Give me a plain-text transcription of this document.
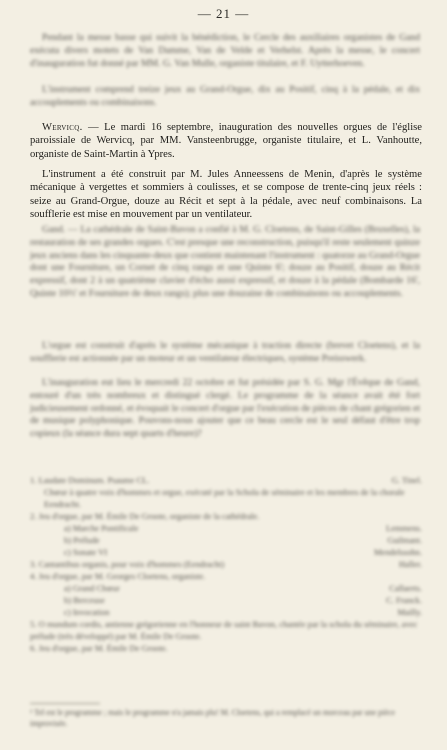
— 21 —
Pendant la messe basse qui suivit la bénédiction, le Cercle des auxiliaires organistes de Gand exécuta divers motets de Van Damme, Van de Velde et Verhelst. Après la messe, le concert d'inauguration fut donné par MM. G. Van Mulle, organiste titulaire, et F. Uytterhoeven.
L'instrument comprend treize jeux au Grand-Orgue, dix au Positif, cinq à la pédale, et dix accouplements ou combinaisons.
Wervicq. — Le mardi 16 septembre, inauguration des nouvelles orgues de l'église paroissiale de Wervicq, par MM. Vansteenbrugge, organiste titulaire, et L. Vanhoutte, organiste de Saint-Martin à Ypres.
L'instrument a été construit par M. Jules Anneessens de Menin, d'après le système mécanique à vergettes et sommiers à coulisses, et se compose de trente-cinq jeux réels : seize au Grand-Orgue, douze au Récit et sept à la pédale, avec neuf combinaisons. La soufflerie est mise en mouvement par un ventilateur.
Gand. — La cathédrale de Saint-Bavon a confié à M. G. Cloetens, de Saint-Gilles (Bruxelles), la restauration de ses grandes orgues. C'est presque une reconstruction, puisqu'il reste seulement quinze jeux anciens dans les cinquante-deux que contient maintenant l'instrument : quatorze au Grand-Orgue dont une Fourniture, un Cornet de cinq rangs et une Quinte 6'; douze au Positif, douze au Récit expressif, dont 2 à un quatrième clavier d'écho aussi expressif, et douze à la pédale (Bombarde 16', Quinte 10⅔' et Fourniture de deux rangs); plus une douzaine de combinaisons ou accouplements.
L'orgue est construit d'après le système mécanique à traction directe (brevet Cloetens), et la soufflerie est actionnée par un moteur et un ventilateur électriques, système Preisswerk.
L'inauguration eut lieu le mercredi 22 octobre et fut présidée par S. G. Mgr l'Évêque de Gand, entouré d'un très nombreux et distingué clergé. Le programme de la séance avait été fort judicieusement ordonné, et évoquait le concert d'orgue par l'exécution de pièces de chant grégorien et de musique polyphonique. Pouvons-nous ajouter que ce beau cercle est le seul défaut d'être trop copieux (la séance dura sept quarts d'heure)?
1. Laudate Dominum. Psaume CL.	G. Tinel.
Chœur à quatre voix d'hommes et orgue, exécuté par la Schola de séminaire et les membres de la chorale Eendracht.
2. Jeu d'orgue, par M. Émile De Groote, organiste de la cathédrale.
a) Marche Pontificale	Lemmens.
b) Prélude	Guilmant.
c) Sonate VI	Mendelssohn.
3. Cantantibus organis, pour voix d'hommes (Eendracht)	Haller.
4. Jeu d'orgue, par M. Georges Cloetens, organiste.
a) Grand Chœur	Callaerts.
b) Berceuse	C. Franck.
c) Invocation	Mailly.
5. O mundum cordis, antienne grégorienne en l'honneur de saint Bavon, chantée par la schola du séminaire, avec prélude (très développé) par M. Émile De Groote.
6. Jeu d'orgue, par M. Émile De Groote.
¹ Tel est le programme ; mais le programme n'a jamais plu! M. Cloetens, qui a remplacé un morceau par une pièce improvisée.
